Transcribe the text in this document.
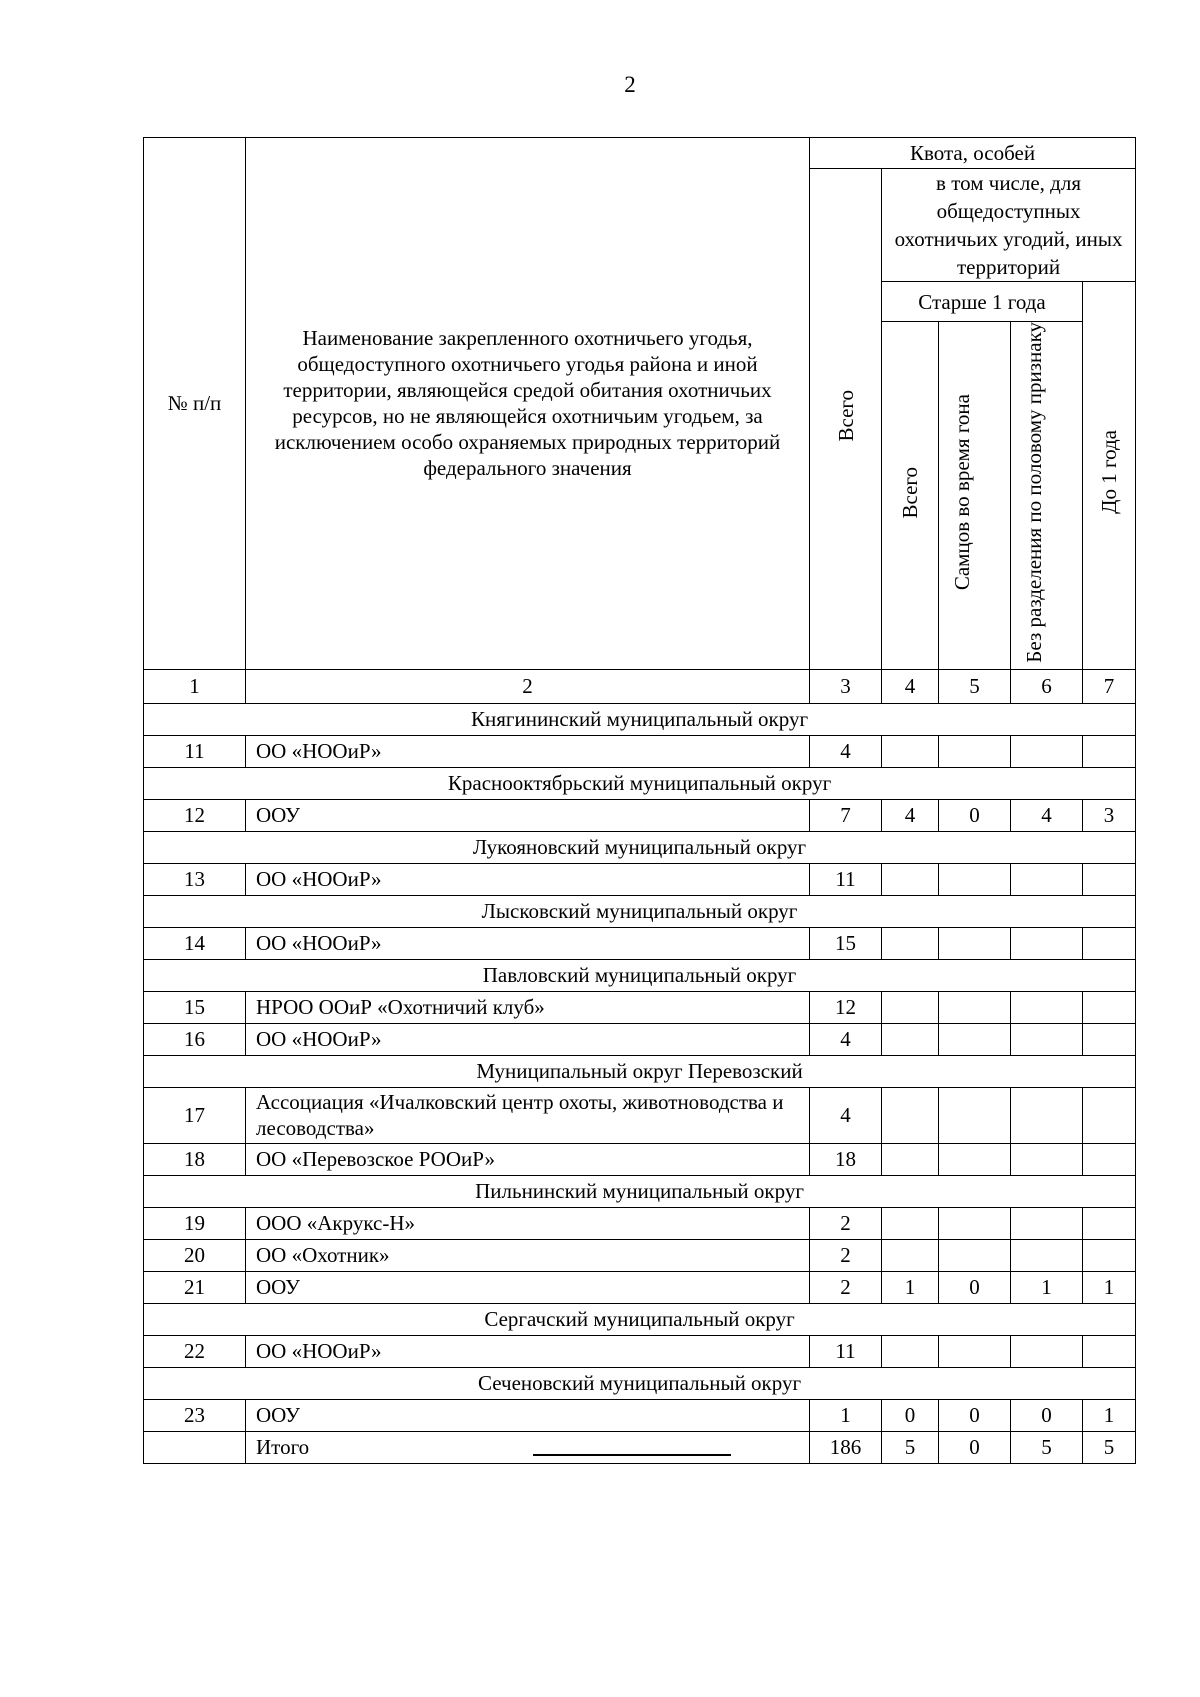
2
№ п/п	Наименование закрепленного охотничьего угодья, общедоступного охотничьего угодья района и иной территории, являющейся средой обитания охотничьих ресурсов, но не являющейся охотничьим угодьем, за исключением особо охраняемых природных территорий федерального значения	Квота, особей				
		Всего	в том числе, для общедоступных охотничьих угодий, иных территорий			
			Старше 1 года			До 1 года
			Всего	Самцов во время гона	Без разделения по половому признаку	
1	2	3	4	5	6	7
Княгининский муниципальный округ						
11	ОО «НООиР»	4				
Краснооктябрьский муниципальный округ						
12	ООУ	7	4	0	4	3
Лукояновский муниципальный округ						
13	ОО «НООиР»	11				
Лысковский муниципальный округ						
14	ОО «НООиР»	15				
Павловский муниципальный округ						
15	НРОО ООиР «Охотничий клуб»	12				
16	ОО «НООиР»	4				
Муниципальный округ Перевозский						
17	Ассоциация «Ичалковский центр охоты, животноводства и лесоводства»	4				
18	ОО «Перевозское РООиР»	18				
Пильнинский муниципальный округ						
19	ООО «Акрукс-Н»	2				
20	ОО «Охотник»	2				
21	ООУ	2	1	0	1	1
Сергачский муниципальный округ						
22	ОО «НООиР»	11				
Сеченовский муниципальный округ						
23	ООУ	1	0	0	0	1
	Итого	186	5	0	5	5
